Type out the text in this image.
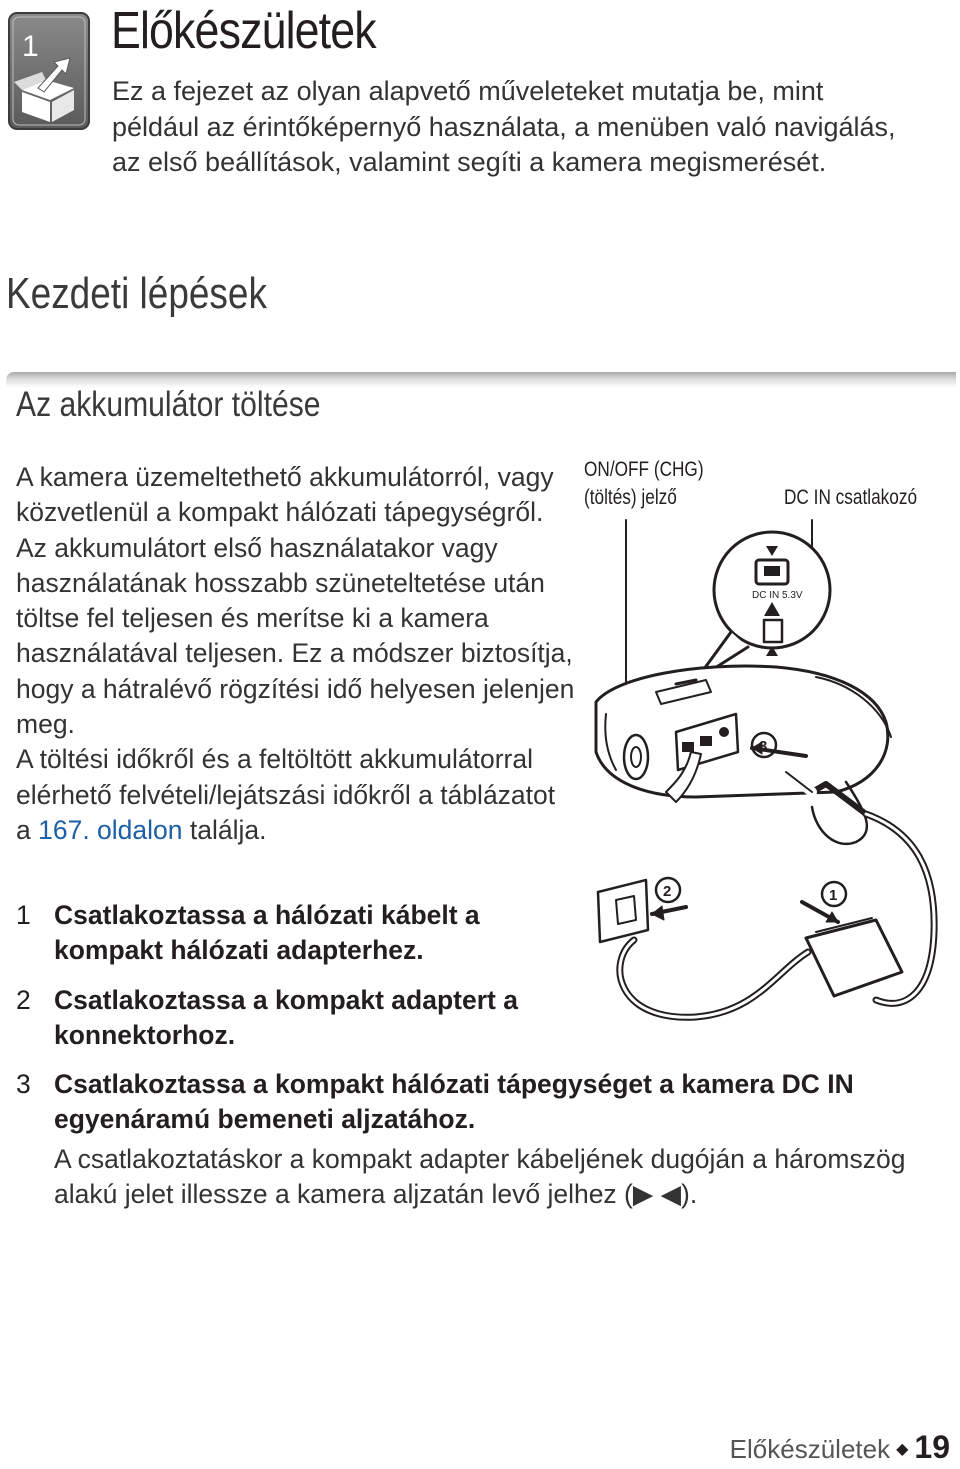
1 Előkészületek
Ez a fejezet az olyan alapvető műveleteket mutatja be, mint például az érintőképernyő használata, a menüben való navigálás, az első beállítások, valamint segíti a kamera megismerését.
Kezdeti lépések
Az akkumulátor töltése
A kamera üzemeltethető akkumulátorról, vagy közvetlenül a kompakt hálózati tápegységről. Az akkumulátort első használatakor vagy használatának hosszabb szüneteltetése után töltse fel teljesen és merítse ki a kamera használatával teljesen. Ez a módszer biztosítja, hogy a hátralévő rögzítési idő helyesen jelenjen meg.
A töltési időkről és a feltöltött akkumulátorral elérhető felvételi/lejátszási időkről a táblázatot a 167. oldalon találja.
1 Csatlakoztassa a hálózati kábelt a kompakt hálózati adapterhez.
2 Csatlakoztassa a kompakt adaptert a konnektorhoz.
3 Csatlakoztassa a kompakt hálózati tápegységet a kamera DC IN egyenáramú bemeneti aljzatához.
A csatlakoztatáskor a kompakt adapter kábeljének dugóján a háromszög alakú jelet illessze a kamera aljzatán levő jelhez (▶ ◀).
ON/OFF (CHG)
(töltés) jelző	DC IN csatlakozó
DC IN 5.3V
3
2	1
Előkészületek ◆ 19
